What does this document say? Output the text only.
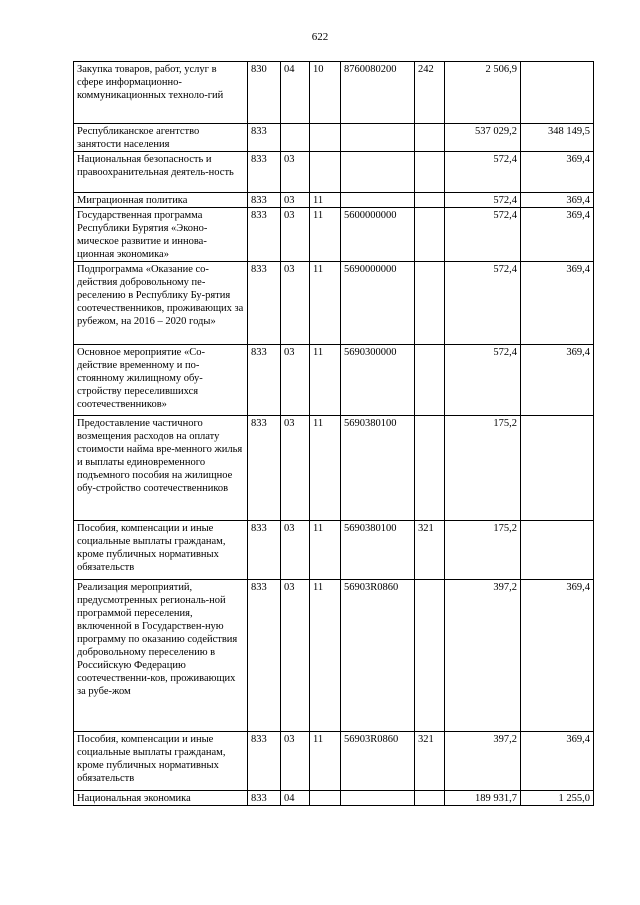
622
Закупка товаров, работ, услуг в сфере информационно-коммуникационных техноло-гий	830	04	10	8760080200	242	2 506,9	
Республиканское агентство занятости населения	833					537 029,2	348 149,5
Национальная безопасность и правоохранительная деятель-ность	833	03				572,4	369,4
Миграционная политика	833	03	11			572,4	369,4
Государственная программа Республики Бурятия «Эконо-мическое развитие и иннова-ционная экономика»	833	03	11	5600000000		572,4	369,4
Подпрограмма «Оказание со-действия добровольному пе-реселению в Республику Бу-рятия соотечественников, проживающих за рубежом, на 2016 – 2020 годы»	833	03	11	5690000000		572,4	369,4
Основное мероприятие «Со-действие временному и по-стоянному жилищному обу-стройству переселившихся соотечественников»	833	03	11	5690300000		572,4	369,4
Предоставление частичного возмещения расходов на оплату стоимости найма вре-менного жилья и выплаты единовременного подъемного пособия на жилищное обу-стройство соотечественников	833	03	11	5690380100		175,2	
Пособия, компенсации и иные социальные выплаты гражданам, кроме публичных нормативных обязательств	833	03	11	5690380100	321	175,2	
Реализация мероприятий, предусмотренных региональ-ной программой переселения, включенной в Государствен-ную программу по оказанию содействия добровольному переселению в Российскую Федерацию соотечественни-ков, проживающих за рубе-жом	833	03	11	56903R0860		397,2	369,4
Пособия, компенсации и иные социальные выплаты гражданам, кроме публичных нормативных обязательств	833	03	11	56903R0860	321	397,2	369,4
Национальная экономика	833	04				189 931,7	1 255,0
